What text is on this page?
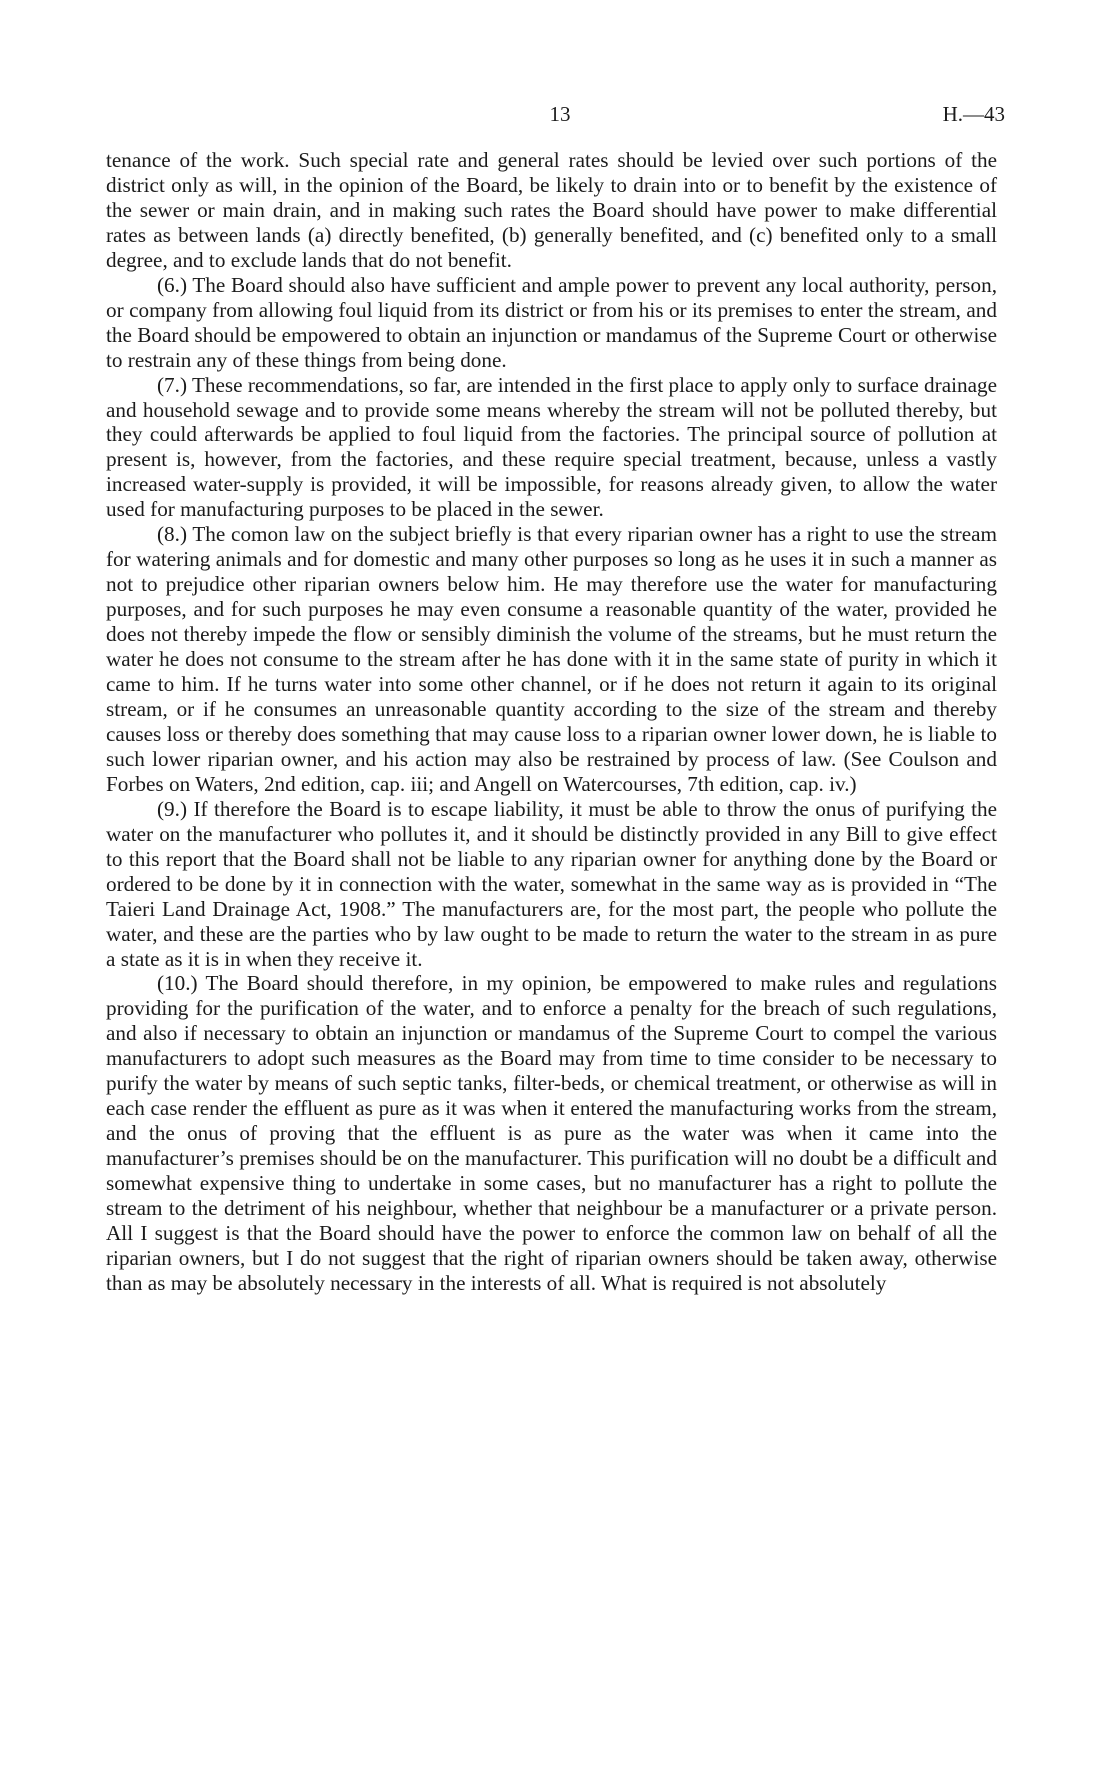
13	H.—43

tenance of the work. Such special rate and general rates should be levied over such portions of the district only as will, in the opinion of the Board, be likely to drain into or to benefit by the existence of the sewer or main drain, and in making such rates the Board should have power to make differential rates as between lands (a) directly benefited, (b) generally benefited, and (c) benefited only to a small degree, and to exclude lands that do not benefit.

(6.) The Board should also have sufficient and ample power to prevent any local authority, person, or company from allowing foul liquid from its district or from his or its premises to enter the stream, and the Board should be empowered to obtain an injunction or mandamus of the Supreme Court or otherwise to restrain any of these things from being done.

(7.) These recommendations, so far, are intended in the first place to apply only to surface drainage and household sewage and to provide some means whereby the stream will not be polluted thereby, but they could afterwards be applied to foul liquid from the factories. The principal source of pollution at present is, however, from the factories, and these require special treatment, because, unless a vastly increased water-supply is provided, it will be impossible, for reasons already given, to allow the water used for manufacturing purposes to be placed in the sewer.

(8.) The comon law on the subject briefly is that every riparian owner has a right to use the stream for watering animals and for domestic and many other purposes so long as he uses it in such a manner as not to prejudice other riparian owners below him. He may therefore use the water for manufacturing purposes, and for such purposes he may even consume a reasonable quantity of the water, provided he does not thereby impede the flow or sensibly diminish the volume of the streams, but he must return the water he does not consume to the stream after he has done with it in the same state of purity in which it came to him. If he turns water into some other channel, or if he does not return it again to its original stream, or if he consumes an unreasonable quantity according to the size of the stream and thereby causes loss or thereby does something that may cause loss to a riparian owner lower down, he is liable to such lower riparian owner, and his action may also be restrained by process of law. (See Coulson and Forbes on Waters, 2nd edition, cap. iii; and Angell on Watercourses, 7th edition, cap. iv.)

(9.) If therefore the Board is to escape liability, it must be able to throw the onus of purifying the water on the manufacturer who pollutes it, and it should be distinctly provided in any Bill to give effect to this report that the Board shall not be liable to any riparian owner for anything done by the Board or ordered to be done by it in connection with the water, somewhat in the same way as is provided in “The Taieri Land Drainage Act, 1908.” The manufacturers are, for the most part, the people who pollute the water, and these are the parties who by law ought to be made to return the water to the stream in as pure a state as it is in when they receive it.

(10.) The Board should therefore, in my opinion, be empowered to make rules and regulations providing for the purification of the water, and to enforce a penalty for the breach of such regulations, and also if necessary to obtain an injunction or mandamus of the Supreme Court to compel the various manufacturers to adopt such measures as the Board may from time to time consider to be necessary to purify the water by means of such septic tanks, filter-beds, or chemical treatment, or otherwise as will in each case render the effluent as pure as it was when it entered the manufacturing works from the stream, and the onus of proving that the effluent is as pure as the water was when it came into the manufacturer’s premises should be on the manufacturer. This purification will no doubt be a difficult and somewhat expensive thing to undertake in some cases, but no manufacturer has a right to pollute the stream to the detriment of his neighbour, whether that neighbour be a manufacturer or a private person. All I suggest is that the Board should have the power to enforce the common law on behalf of all the riparian owners, but I do not suggest that the right of riparian owners should be taken away, otherwise than as may be absolutely necessary in the interests of all. What is required is not absolutely
